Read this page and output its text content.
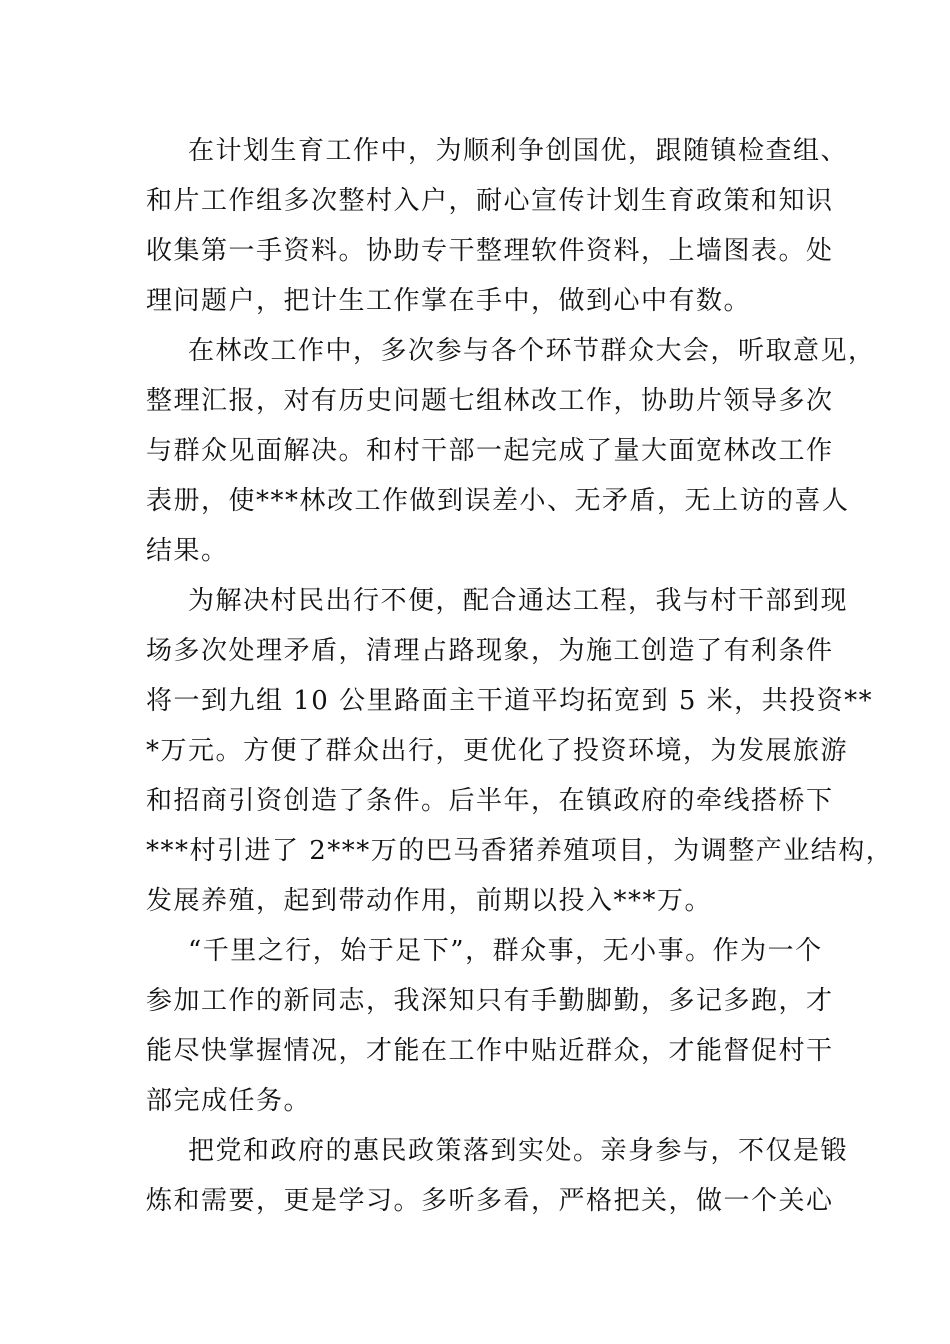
在计划生育工作中，为顺利争创国优，跟随镇检查组、
和片工作组多次整村入户，耐心宣传计划生育政策和知识
收集第一手资料。协助专干整理软件资料，上墙图表。处
理问题户，把计生工作掌在手中，做到心中有数。

在林改工作中，多次参与各个环节群众大会，听取意见，
整理汇报，对有历史问题七组林改工作，协助片领导多次
与群众见面解决。和村干部一起完成了量大面宽林改工作
表册，使***林改工作做到误差小、无矛盾，无上访的喜人
结果。

为解决村民出行不便，配合通达工程，我与村干部到现
场多次处理矛盾，清理占路现象，为施工创造了有利条件
将一到九组 10 公里路面主干道平均拓宽到 5 米，共投资**
*万元。方便了群众出行，更优化了投资环境，为发展旅游
和招商引资创造了条件。后半年，在镇政府的牵线搭桥下
***村引进了 2***万的巴马香猪养殖项目，为调整产业结构，
发展养殖，起到带动作用，前期以投入***万。

“千里之行，始于足下”，群众事，无小事。作为一个
参加工作的新同志，我深知只有手勤脚勤，多记多跑，才
能尽快掌握情况，才能在工作中贴近群众，才能督促村干
部完成任务。

把党和政府的惠民政策落到实处。亲身参与，不仅是锻
炼和需要，更是学习。多听多看，严格把关，做一个关心
